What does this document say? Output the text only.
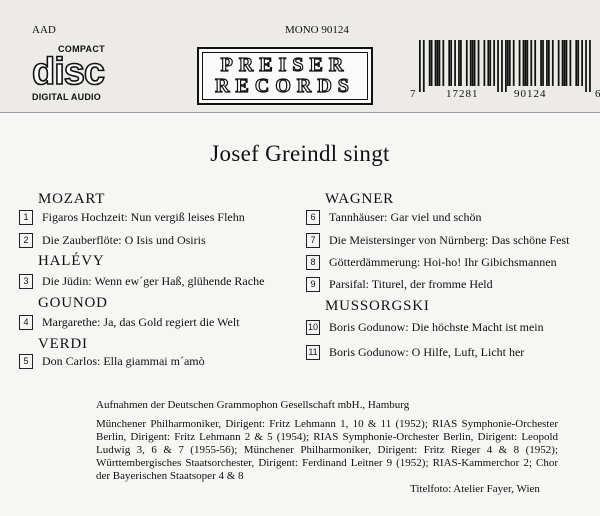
AAD	MONO 90124
COMPACT
disc
DIGITAL AUDIO
PREISER
RECORDS	7	17281	90124	6
Josef Greindl singt
MOZART
1	Figaros Hochzeit: Nun vergiß leises Flehn
2	Die Zauberflöte: O Isis und Osiris
HALÉVY
3	Die Jüdin: Wenn ew´ger Haß, glühende Rache
GOUNOD
4	Margarethe: Ja, das Gold regiert die Welt
VERDI
5	Don Carlos: Ella giammai m´amò
WAGNER
6	Tannhäuser: Gar viel und schön
7	Die Meistersinger von Nürnberg: Das schöne Fest
8	Götterdämmerung: Hoi-ho! Ihr Gibichsmannen
9	Parsifal: Titurel, der fromme Held
MUSSORGSKI
10 Boris Godunow: Die höchste Macht ist mein
11 Boris Godunow: O Hilfe, Luft, Licht her
Aufnahmen der Deutschen Grammophon Gesellschaft mbH., Hamburg
Münchener Philharmoniker, Dirigent: Fritz Lehmann 1, 10 & 11 (1952); RIAS Symphonie-Orchester Berlin, Dirigent: Fritz Lehmann 2 & 5 (1954); RIAS Symphonie-Orchester Berlin, Dirigent: Leopold Ludwig 3, 6 & 7 (1955-56); Münchener Philharmoniker, Dirigent: Fritz Rieger 4 & 8 (1952); Württembergisches Staatsorchester, Dirigent: Ferdinand Leitner 9 (1952); RIAS-Kammerchor 2; Chor der Bayerischen Staatsoper 4 & 8
Titelfoto: Atelier Fayer, Wien
